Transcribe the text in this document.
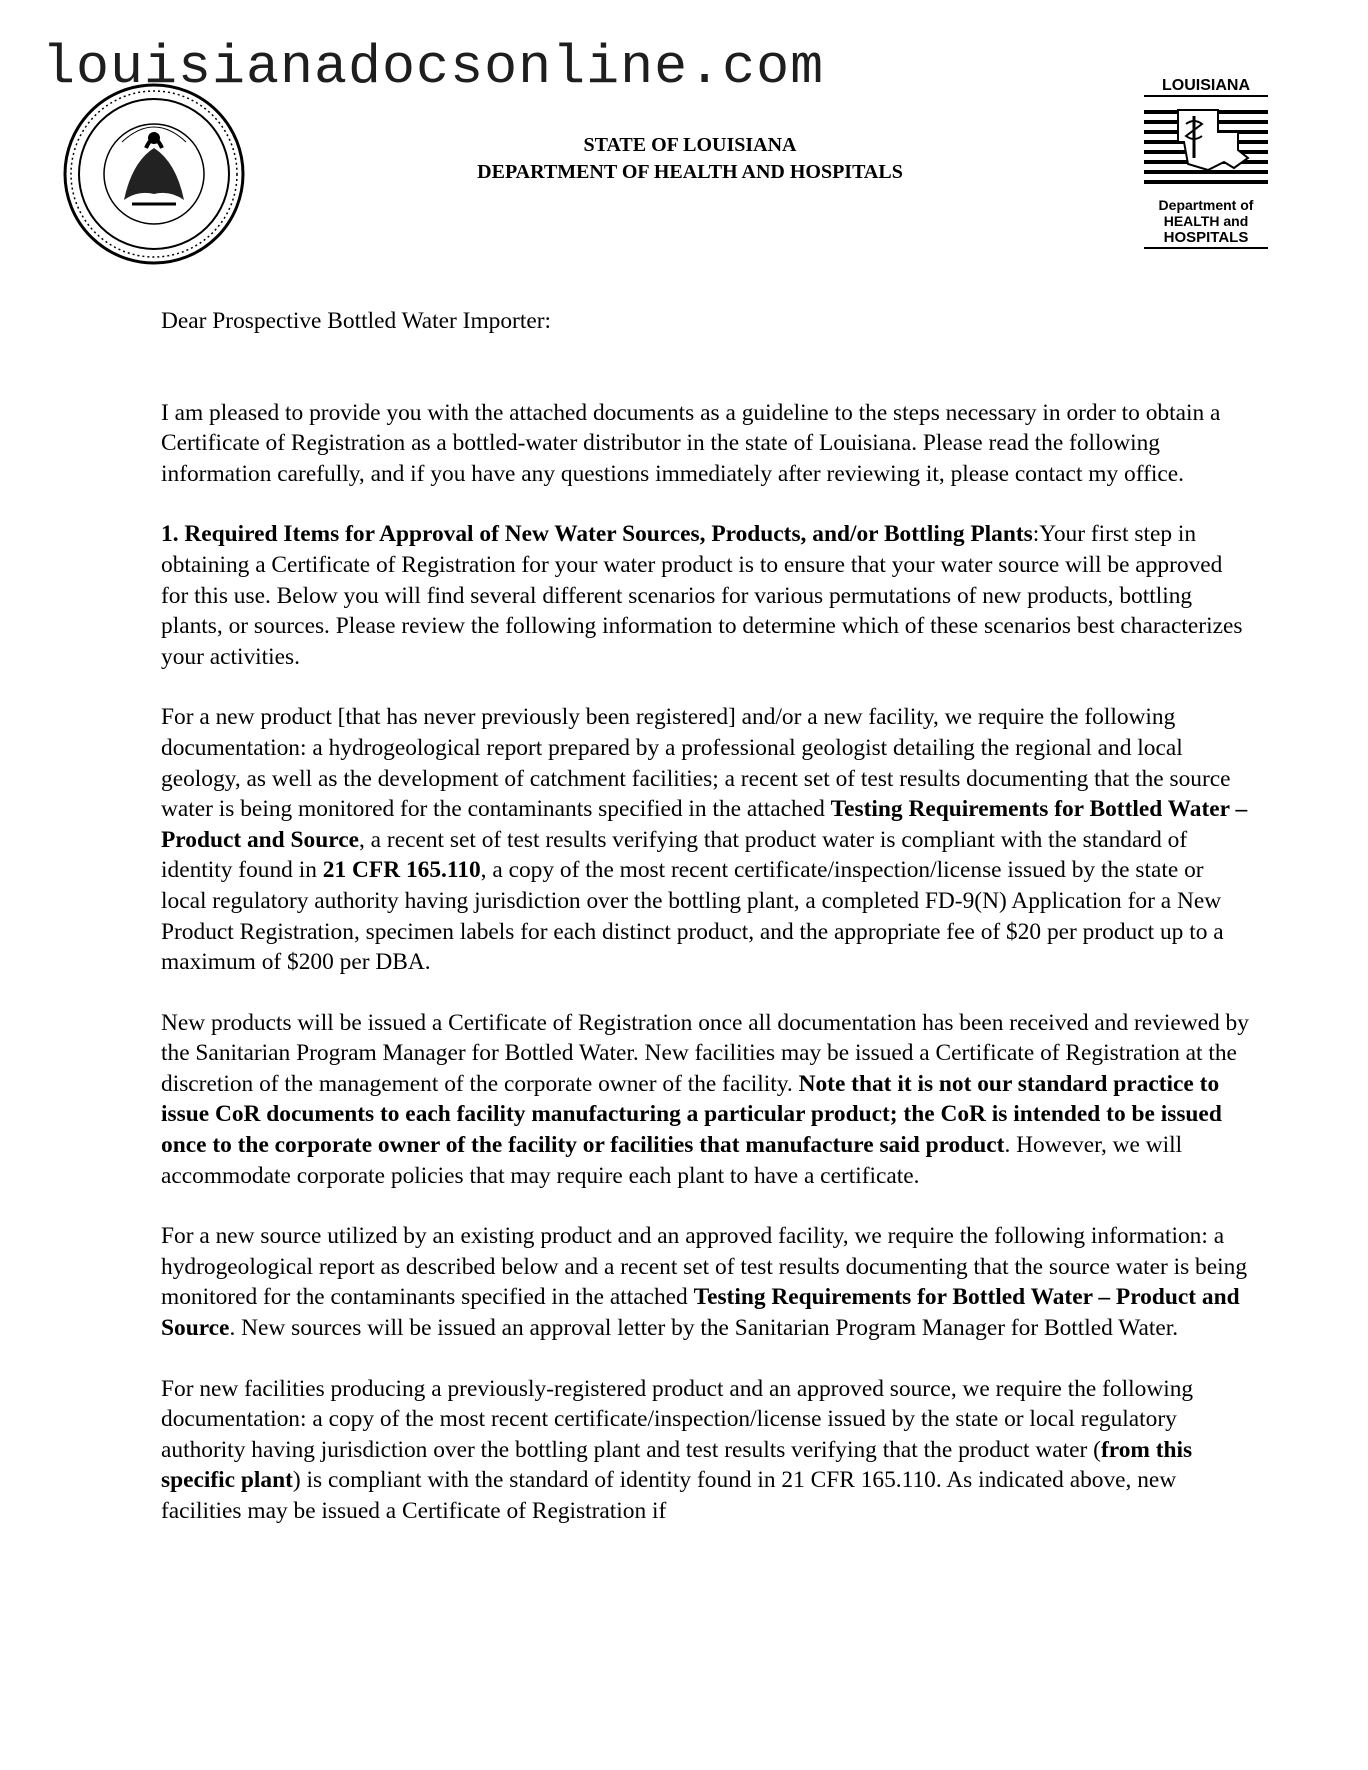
louisianadocsonline.com
STATE OF LOUISIANA
DEPARTMENT OF HEALTH AND HOSPITALS
LOUISIANA
Department of
HEALTH and
HOSPITALS

Dear Prospective Bottled Water Importer:

I am pleased to provide you with the attached documents as a guideline to the steps necessary in order to obtain a Certificate of Registration as a bottled-water distributor in the state of Louisiana. Please read the following information carefully, and if you have any questions immediately after reviewing it, please contact my office.

1. Required Items for Approval of New Water Sources, Products, and/or Bottling Plants:Your first step in obtaining a Certificate of Registration for your water product is to ensure that your water source will be approved for this use. Below you will find several different scenarios for various permutations of new products, bottling plants, or sources. Please review the following information to determine which of these scenarios best characterizes your activities.

For a new product [that has never previously been registered] and/or a new facility, we require the following documentation: a hydrogeological report prepared by a professional geologist detailing the regional and local geology, as well as the development of catchment facilities; a recent set of test results documenting that the source water is being monitored for the contaminants specified in the attached Testing Requirements for Bottled Water – Product and Source, a recent set of test results verifying that product water is compliant with the standard of identity found in 21 CFR 165.110, a copy of the most recent certificate/inspection/license issued by the state or local regulatory authority having jurisdiction over the bottling plant, a completed FD-9(N) Application for a New Product Registration, specimen labels for each distinct product, and the appropriate fee of $20 per product up to a maximum of $200 per DBA.

New products will be issued a Certificate of Registration once all documentation has been received and reviewed by the Sanitarian Program Manager for Bottled Water. New facilities may be issued a Certificate of Registration at the discretion of the management of the corporate owner of the facility. Note that it is not our standard practice to issue CoR documents to each facility manufacturing a particular product; the CoR is intended to be issued once to the corporate owner of the facility or facilities that manufacture said product. However, we will accommodate corporate policies that may require each plant to have a certificate.

For a new source utilized by an existing product and an approved facility, we require the following information: a hydrogeological report as described below and a recent set of test results documenting that the source water is being monitored for the contaminants specified in the attached Testing Requirements for Bottled Water – Product and Source. New sources will be issued an approval letter by the Sanitarian Program Manager for Bottled Water.

For new facilities producing a previously-registered product and an approved source, we require the following documentation: a copy of the most recent certificate/inspection/license issued by the state or local regulatory authority having jurisdiction over the bottling plant and test results verifying that the product water (from this specific plant) is compliant with the standard of identity found in 21 CFR 165.110. As indicated above, new facilities may be issued a Certificate of Registration if
